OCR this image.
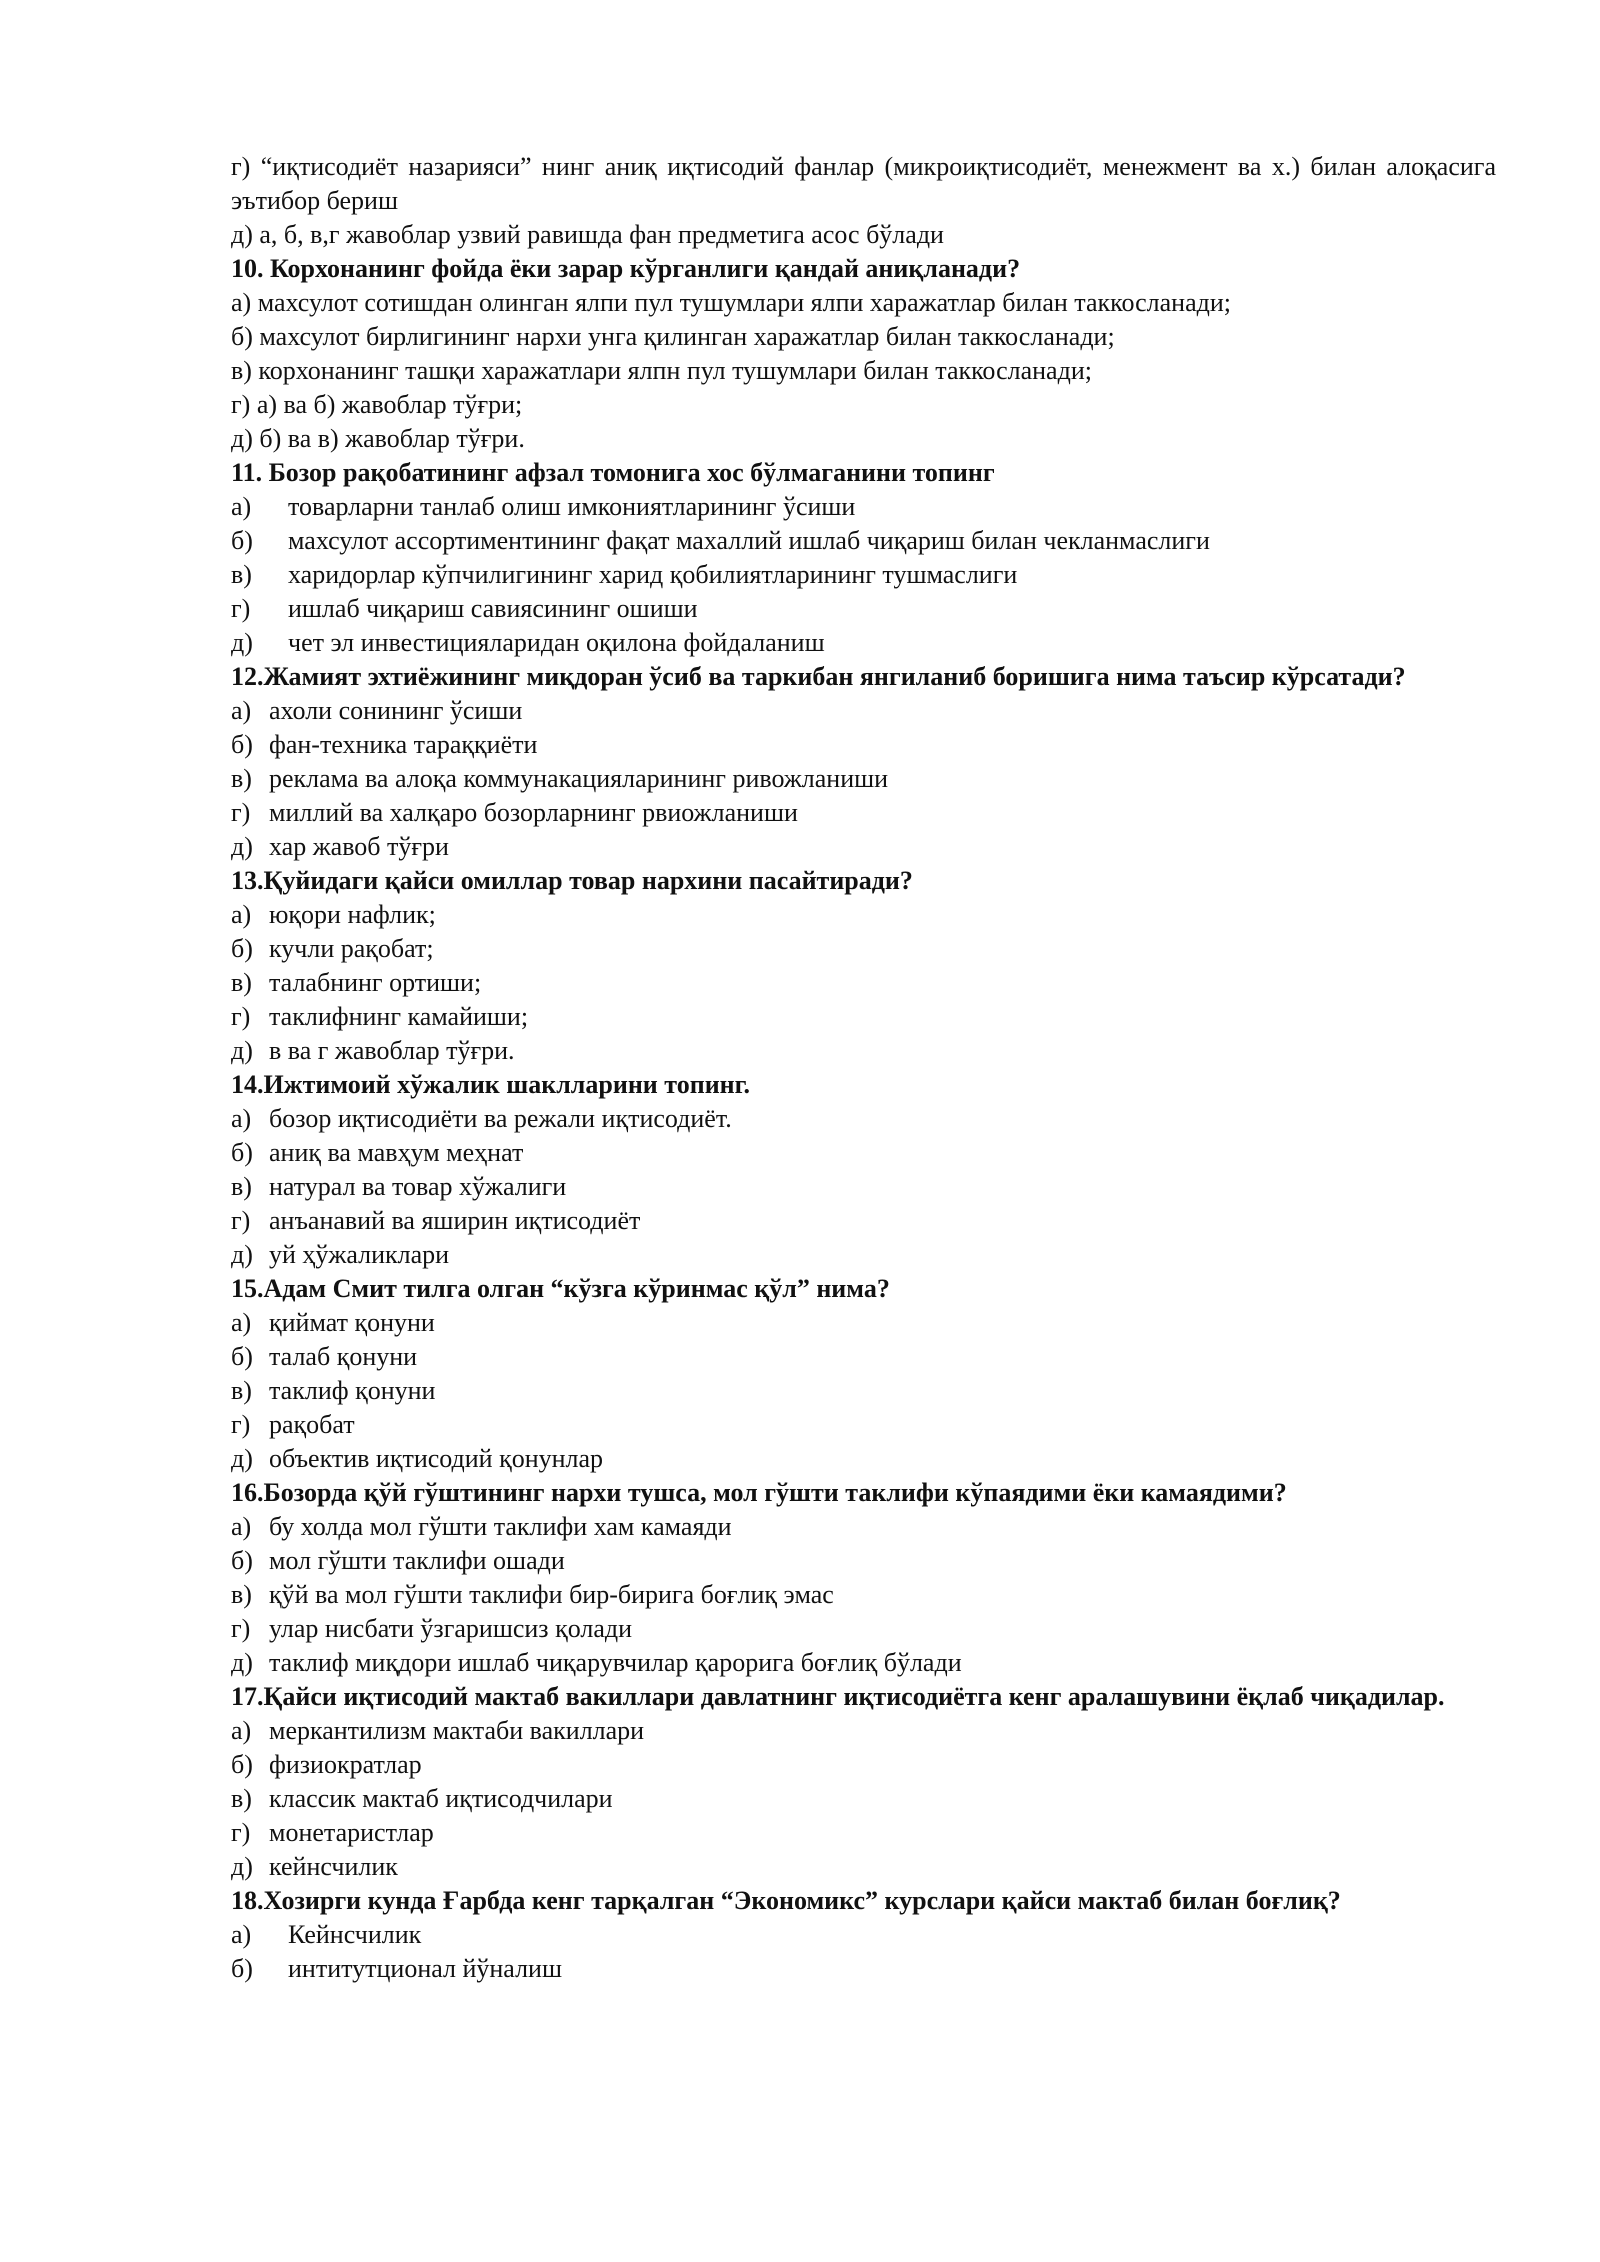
г) “иқтисодиёт назарияси” нинг аниқ иқтисодий фанлар (микроиқтисодиёт, менежмент ва х.) билан алоқасига эътибор бериш
д) а, б, в,г жавоблар узвий равишда фан предметига асос бўлади
10. Корхонанинг фойда ёки зарар кўрганлиги қандай аниқланади?
а) махсулот сотишдан олинган ялпи пул тушумлари ялпи харажатлар билан таккосланади;
б) махсулот бирлигининг нархи унга қилинган харажатлар билан таккосланади;
в) корхонанинг ташқи харажатлари ялпн пул тушумлари билан таккосланади;
г) а) ва б) жавоблар тўғри;
д) б) ва в) жавоблар тўғри.
11. Бозор рақобатининг афзал томонига хос бўлмаганини топинг
а) товарларни танлаб олиш имкониятларининг ўсиши
б) махсулот ассортиментининг фақат махаллий ишлаб чиқариш билан чекланмаслиги
в) харидорлар кўпчилигининг харид қобилиятларининг тушмаслиги
г) ишлаб чиқариш савиясининг ошиши
д) чет эл инвестицияларидан оқилона фойдаланиш
12.Жамият эхтиёжининг миқдоран ўсиб ва таркибан янгиланиб боришига нима таъсир кўрсатади?
а) ахоли сонининг ўсиши
б) фан-техника тараққиёти
в) реклама ва алоқа коммунакацияларининг ривожланиши
г) миллий ва халқаро бозорларнинг рвиожланиши
д) хар жавоб тўғри
13.Қуйидаги қайси омиллар товар нархини пасайтиради?
а) юқори нафлик;
б) кучли рақобат;
в) талабнинг ортиши;
г) таклифнинг камайиши;
д) в ва г жавоблар тўғри.
14.Ижтимоий хўжалик шаклларини топинг.
а) бозор иқтисодиёти ва режали иқтисодиёт.
б) аниқ ва мавҳум меҳнат
в) натурал ва товар хўжалиги
г) анъанавий ва яширин иқтисодиёт
д) уй ҳўжаликлари
15.Адам Смит тилга олган “кўзга кўринмас қўл” нима?
а) қиймат қонуни
б) талаб қонуни
в) таклиф қонуни
г) рақобат
д) объектив иқтисодий қонунлар
16.Бозорда қўй гўштининг нархи тушса, мол гўшти таклифи кўпаядими ёки камаядими?
а) бу холда мол гўшти таклифи хам камаяди
б) мол гўшти таклифи ошади
в) қўй ва мол гўшти таклифи бир-бирига боғлиқ эмас
г) улар нисбати ўзгаришсиз қолади
д) таклиф миқдори ишлаб чиқарувчилар қарорига боғлиқ бўлади
17.Қайси иқтисодий мактаб вакиллари давлатнинг иқтисодиётга кенг аралашувини ёқлаб чиқадилар.
а) меркантилизм мактаби вакиллари
б) физиократлар
в) классик мактаб иқтисодчилари
г) монетаристлар
д) кейнсчилик
18.Хозирги кунда Ғарбда кенг тарқалган “Экономикс” курслари қайси мактаб билан боғлиқ?
а) Кейнсчилик
б) интитутционал йўналиш
